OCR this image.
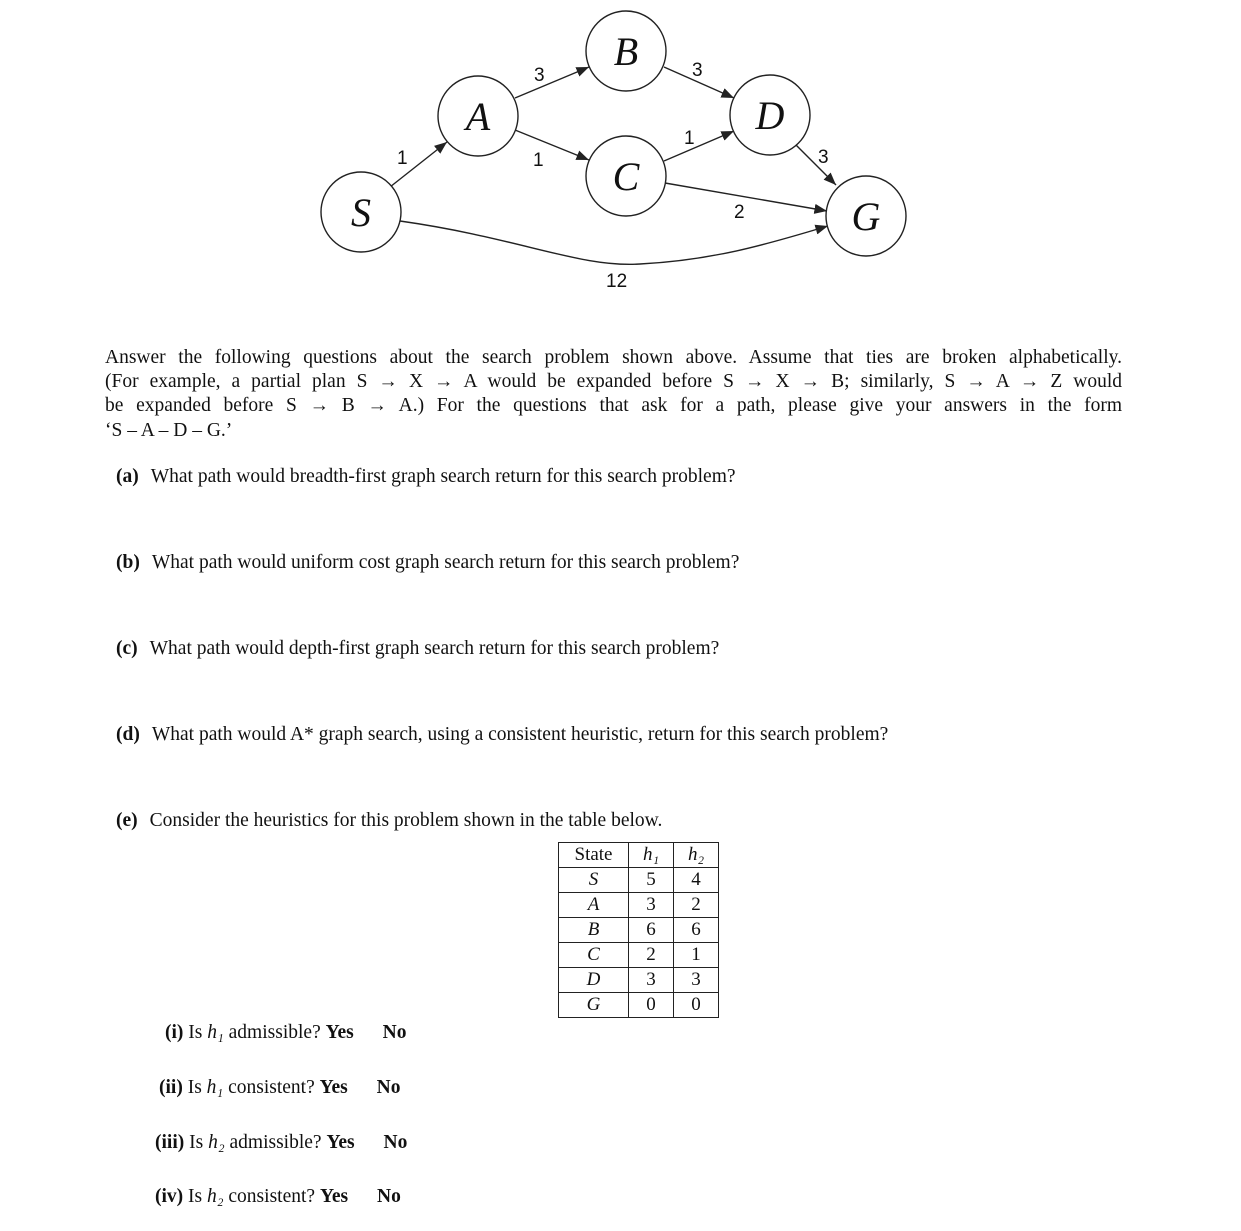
1
3
1
3
1
2
3
12
S
A
B
C
D
G
Answer the following questions about the search problem shown above. Assume that ties are broken alphabetically.
(For example, a partial plan S → X → A would be expanded before S → X → B; similarly, S → A → Z would
be expanded before S → B → A.) For the questions that ask for a path, please give your answers in the form
‘S – A – D – G.’
(a) What path would breadth-first graph search return for this search problem?
(b) What path would uniform cost graph search return for this search problem?
(c) What path would depth-first graph search return for this search problem?
(d) What path would A* graph search, using a consistent heuristic, return for this search problem?
(e) Consider the heuristics for this problem shown in the table below.
State	h₁	h₂
S	5	4
A	3	2
B	6	6
C	2	1
D	3	3
G	0	0
(i) Is h₁ admissible? Yes No
(ii) Is h₁ consistent? Yes No
(iii) Is h₂ admissible? Yes No
(iv) Is h₂ consistent? Yes No
